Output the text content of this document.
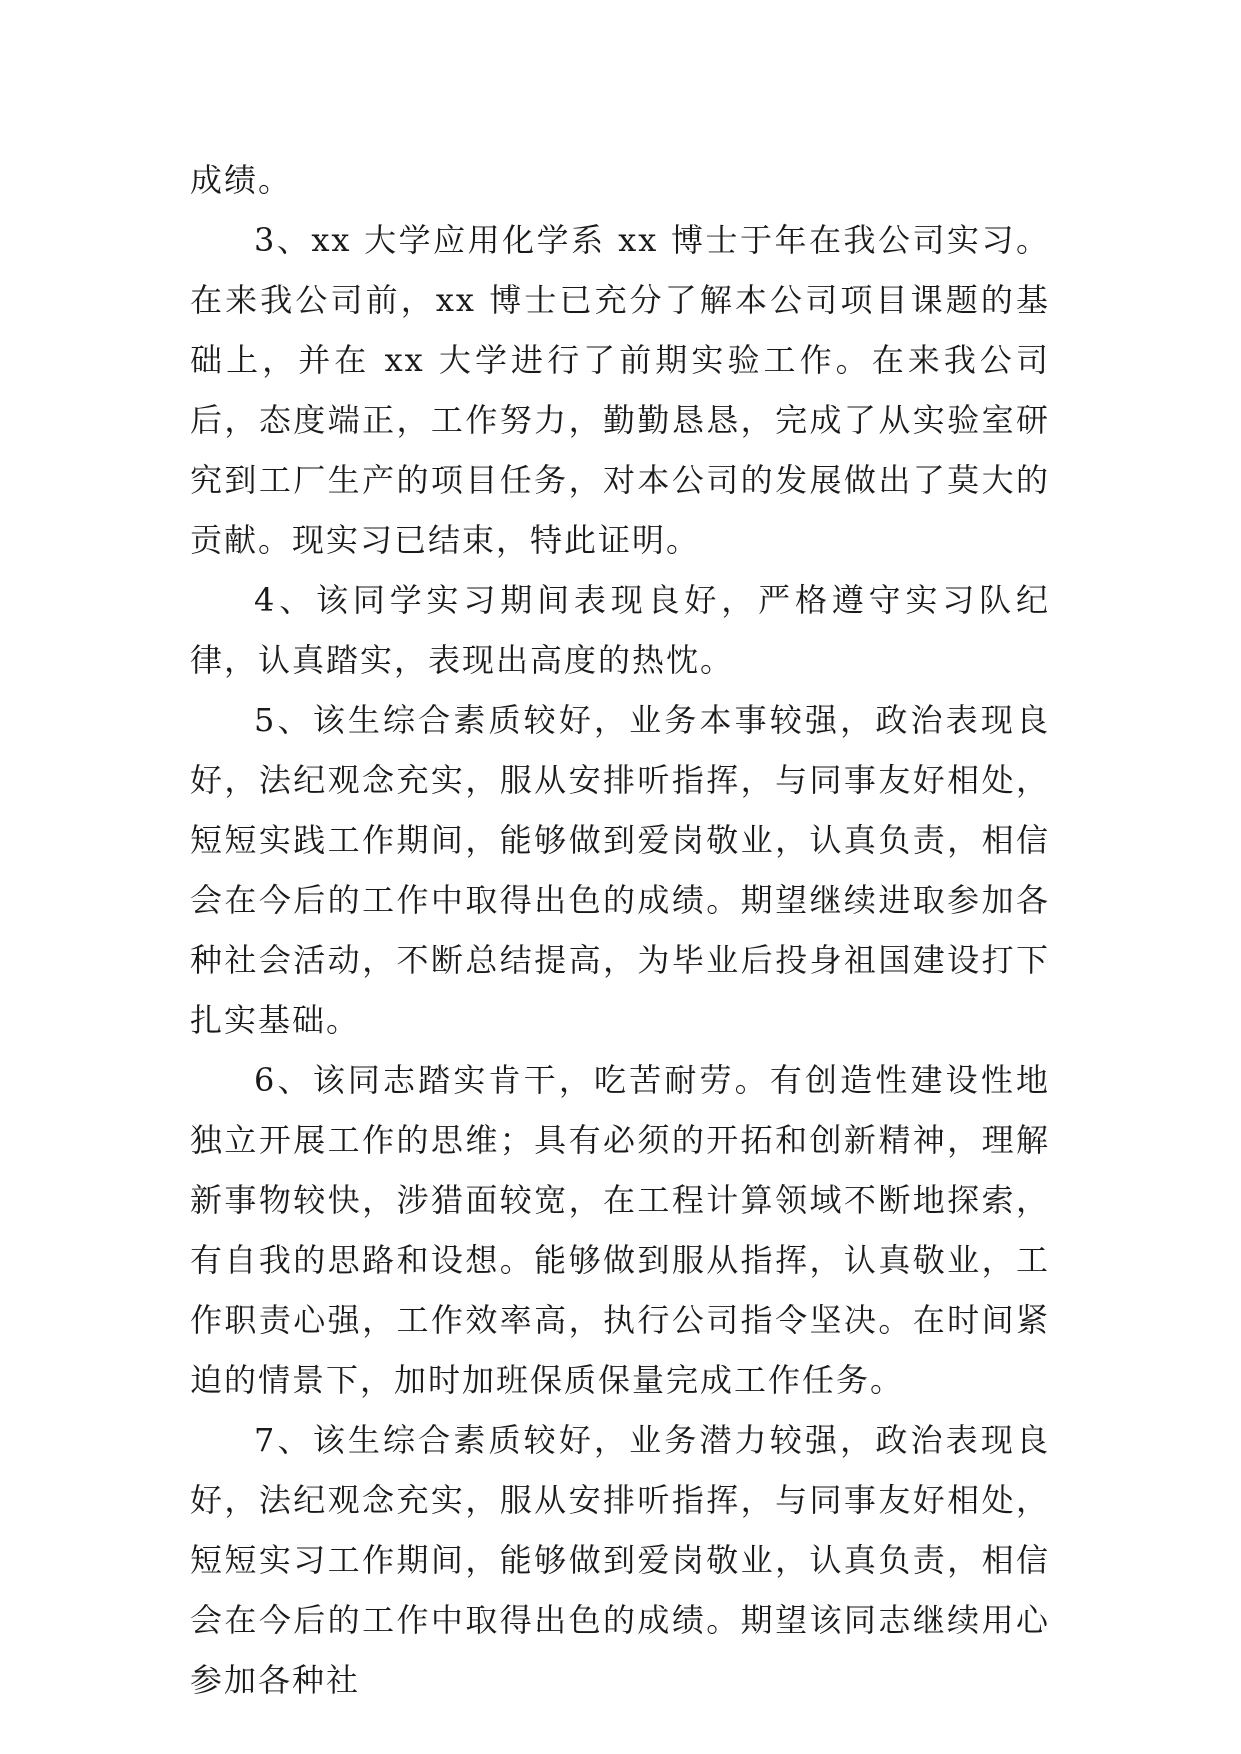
成绩。

3、xx 大学应用化学系 xx 博士于年在我公司实习。在来我公司前，xx 博士已充分了解本公司项目课题的基础上，并在 xx 大学进行了前期实验工作。在来我公司后，态度端正，工作努力，勤勤恳恳，完成了从实验室研究到工厂生产的项目任务，对本公司的发展做出了莫大的贡献。现实习已结束，特此证明。

4、该同学实习期间表现良好，严格遵守实习队纪律，认真踏实，表现出高度的热忱。

5、该生综合素质较好，业务本事较强，政治表现良好，法纪观念充实，服从安排听指挥，与同事友好相处，短短实践工作期间，能够做到爱岗敬业，认真负责，相信会在今后的工作中取得出色的成绩。期望继续进取参加各种社会活动，不断总结提高，为毕业后投身祖国建设打下扎实基础。

6、该同志踏实肯干，吃苦耐劳。有创造性建设性地独立开展工作的思维；具有必须的开拓和创新精神，理解新事物较快，涉猎面较宽，在工程计算领域不断地探索，有自我的思路和设想。能够做到服从指挥，认真敬业，工作职责心强，工作效率高，执行公司指令坚决。在时间紧迫的情景下，加时加班保质保量完成工作任务。

7、该生综合素质较好，业务潜力较强，政治表现良好，法纪观念充实，服从安排听指挥，与同事友好相处，短短实习工作期间，能够做到爱岗敬业，认真负责，相信会在今后的工作中取得出色的成绩。期望该同志继续用心参加各种社
